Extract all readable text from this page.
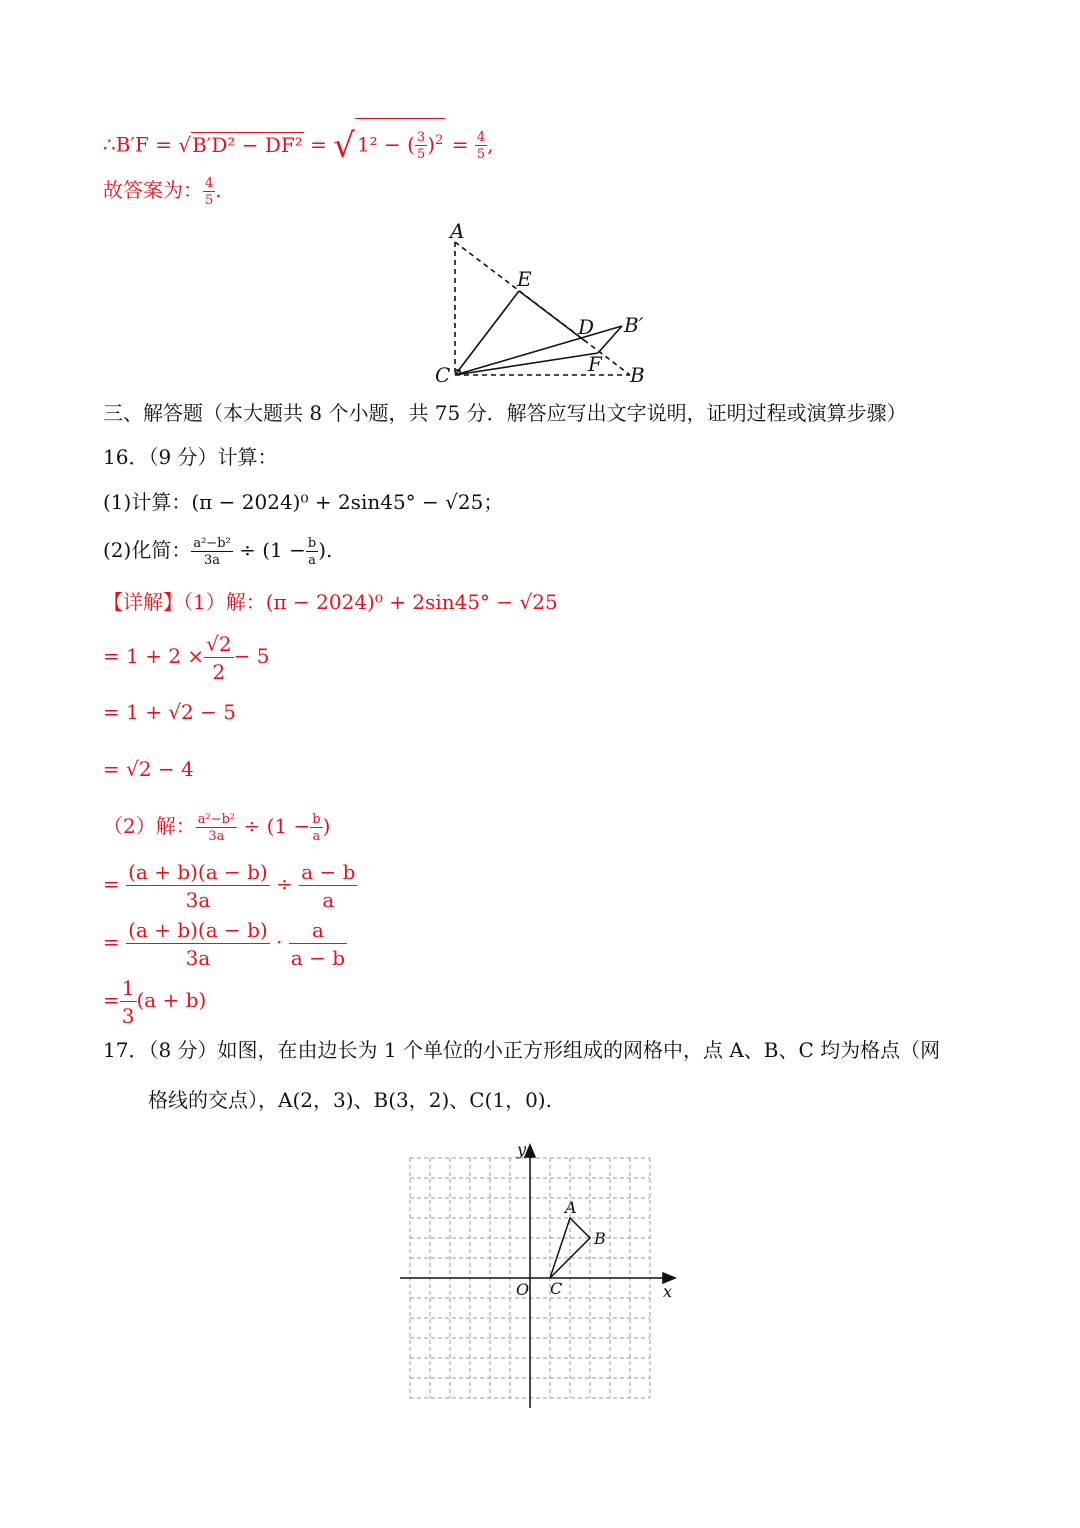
∴B′F = √B′D² − DF² = √ 1² − ( $\frac{3}{5} )^2 = \frac{4}{5}$ ,
故答案为： $\frac{4}{5}$ .
A
E
D B′
C	F B
三、解答题（本大题共 8 个小题，共 75 分．解答应写出文字说明，证明过程或演算步骤）
16．（9 分）计算：
(1)计算：(π − 2024)⁰ + 2sin45° − √25；
(2)化简： $\frac{\text{a²−b²}}{3a} \div (1 - \frac{b}{a}$ ).
【详解】（1）解：(π − 2024)⁰ + 2sin45° − √25
= $1 + 2 \times \frac{√2}{2} - 5$
= 1 + √2 − 5
= √2 − 4
（2）解： $\frac{\text{a²−b²}}{3a} \div (1 - \frac{b}{a}$ )
= $\frac{(a + b)(a - b)}{3a} \div \frac{a - b}{a}$
= $\frac{(a + b)(a - b)}{3a} \cdot \frac{a}{a - b}$
= $\frac{1}{3} (a + b)$
17．（8 分）如图，在由边长为 1 个单位的小正方形组成的网格中，点 A、B、C 均为格点（网
格线的交点），A(2，3)、B(3，2)、C(1，0).
y
x
O
A
B
C
